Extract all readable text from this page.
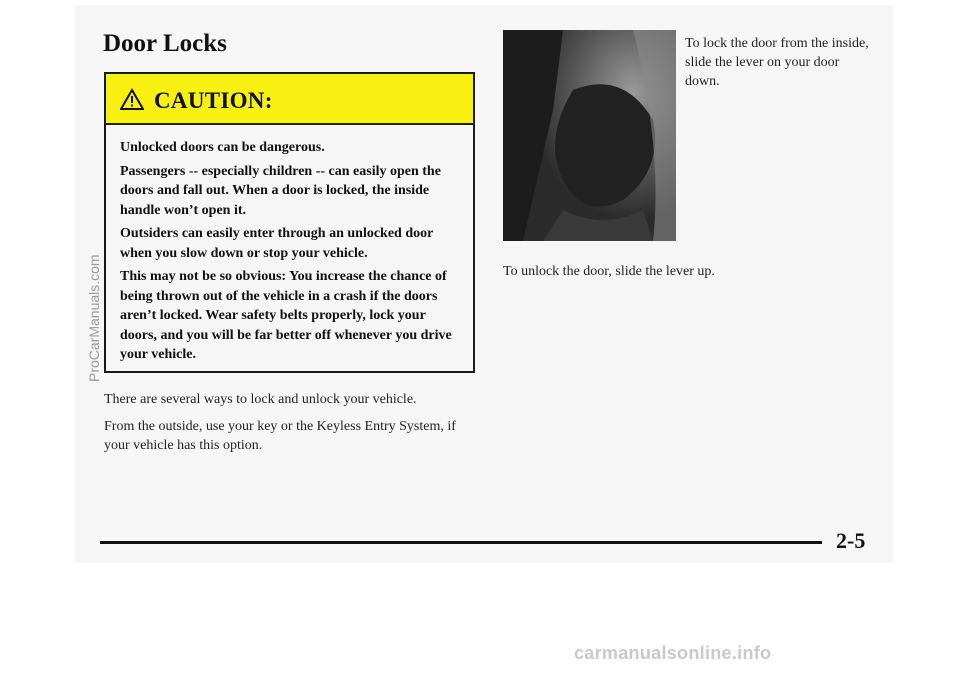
Door Locks
CAUTION:

Unlocked doors can be dangerous.

Passengers -- especially children -- can easily open the doors and fall out. When a door is locked, the inside handle won’t open it.

Outsiders can easily enter through an unlocked door when you slow down or stop your vehicle.

This may not be so obvious: You increase the chance of being thrown out of the vehicle in a crash if the doors aren’t locked. Wear safety belts properly, lock your doors, and you will be far better off whenever you drive your vehicle.

There are several ways to lock and unlock your vehicle.

From the outside, use your key or the Keyless Entry System, if your vehicle has this option.

To lock the door from the inside, slide the lever on your door down.

To unlock the door, slide the lever up.

2-5
ProCarManuals.com
carmanualsonline.info
